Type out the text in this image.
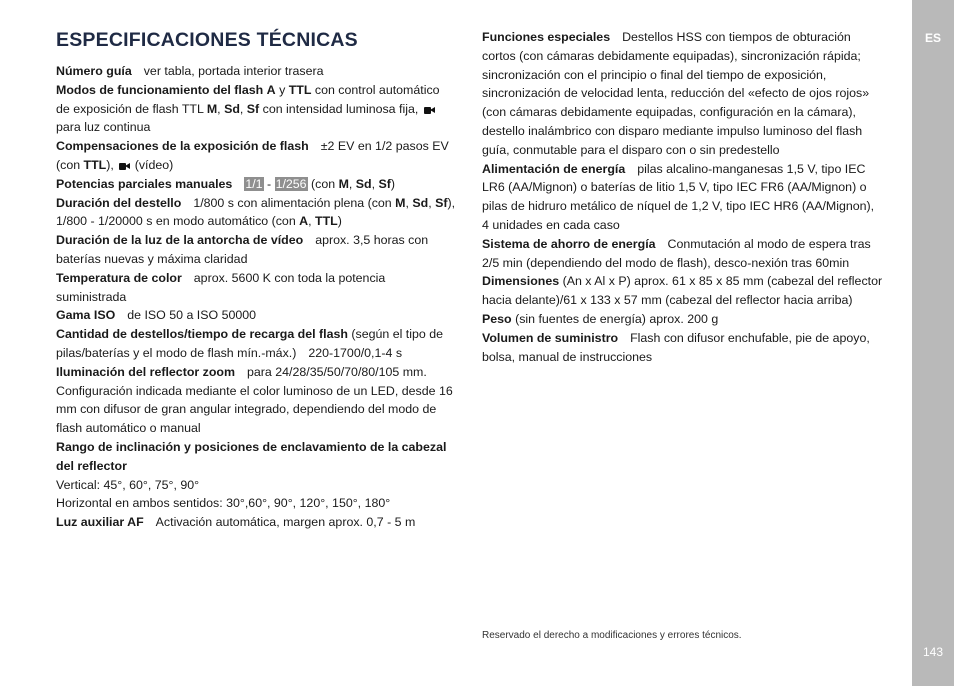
ESPECIFICACIONES TÉCNICAS

Número guía ver tabla, portada interior trasera

Modos de funcionamiento del flash A y TTL con control automático de exposición de flash TTL M, Sd, Sf con intensidad luminosa fija,  para luz continua

Compensaciones de la exposición de flash ±2 EV en 1/2 pasos EV (con TTL),  (vídeo)

Potencias parciales manuales 1/1 - 1/256 (con M, Sd, Sf)

Duración del destello 1/800 s con alimentación plena (con M, Sd, Sf), 1/800 - 1/20000 s en modo automático (con A, TTL)

Duración de la luz de la antorcha de vídeo aprox. 3,5 horas con baterías nuevas y máxima claridad

Temperatura de color aprox. 5600 K con toda la potencia suministrada

Gama ISO de ISO 50 a ISO 50000

Cantidad de destellos/tiempo de recarga del flash (según el tipo de pilas/baterías y el modo de flash mín.-máx.) 220-1700/0,1-4 s

Iluminación del reflector zoom para 24/28/35/50/70/80/105 mm. Configuración indicada mediante el color luminoso de un LED, desde 16 mm con difusor de gran angular integrado, dependiendo del modo de flash automático o manual

Rango de inclinación y posiciones de enclavamiento de la cabezal del reflector

Vertical: 45°, 60°, 75°, 90°

Horizontal en ambos sentidos: 30°,60°, 90°, 120°, 150°, 180°

Luz auxiliar AF Activación automática, margen aprox. 0,7 - 5 m

Funciones especiales Destellos HSS con tiempos de obturación cortos (con cámaras debidamente equipadas), sincronización rápida; sincronización con el principio o final del tiempo de exposición, sincronización de velocidad lenta, reducción del «efecto de ojos rojos» (con cámaras debidamente equipadas, configuración en la cámara), destello inalámbrico con disparo mediante impulso luminoso del flash guía, conmutable para el disparo con o sin predestello

Alimentación de energía pilas alcalino-manganesas 1,5 V, tipo IEC LR6 (AA/Mignon) o baterías de litio 1,5 V, tipo IEC FR6 (AA/Mignon) o pilas de hidruro metálico de níquel de 1,2 V, tipo IEC HR6 (AA/Mignon), 4 unidades en cada caso

Sistema de ahorro de energía Conmutación al modo de espera tras 2/5 min (dependiendo del modo de flash), desco-nexión tras 60min

Dimensiones (An x Al x P) aprox. 61 x 85 x 85 mm (cabezal del reflector hacia delante)/61 x 133 x 57 mm (cabezal del reflector hacia arriba)

Peso (sin fuentes de energía) aprox. 200 g

Volumen de suministro Flash con difusor enchufable, pie de apoyo, bolsa, manual de instrucciones

Reservado el derecho a modificaciones y errores técnicos.
ES
143
